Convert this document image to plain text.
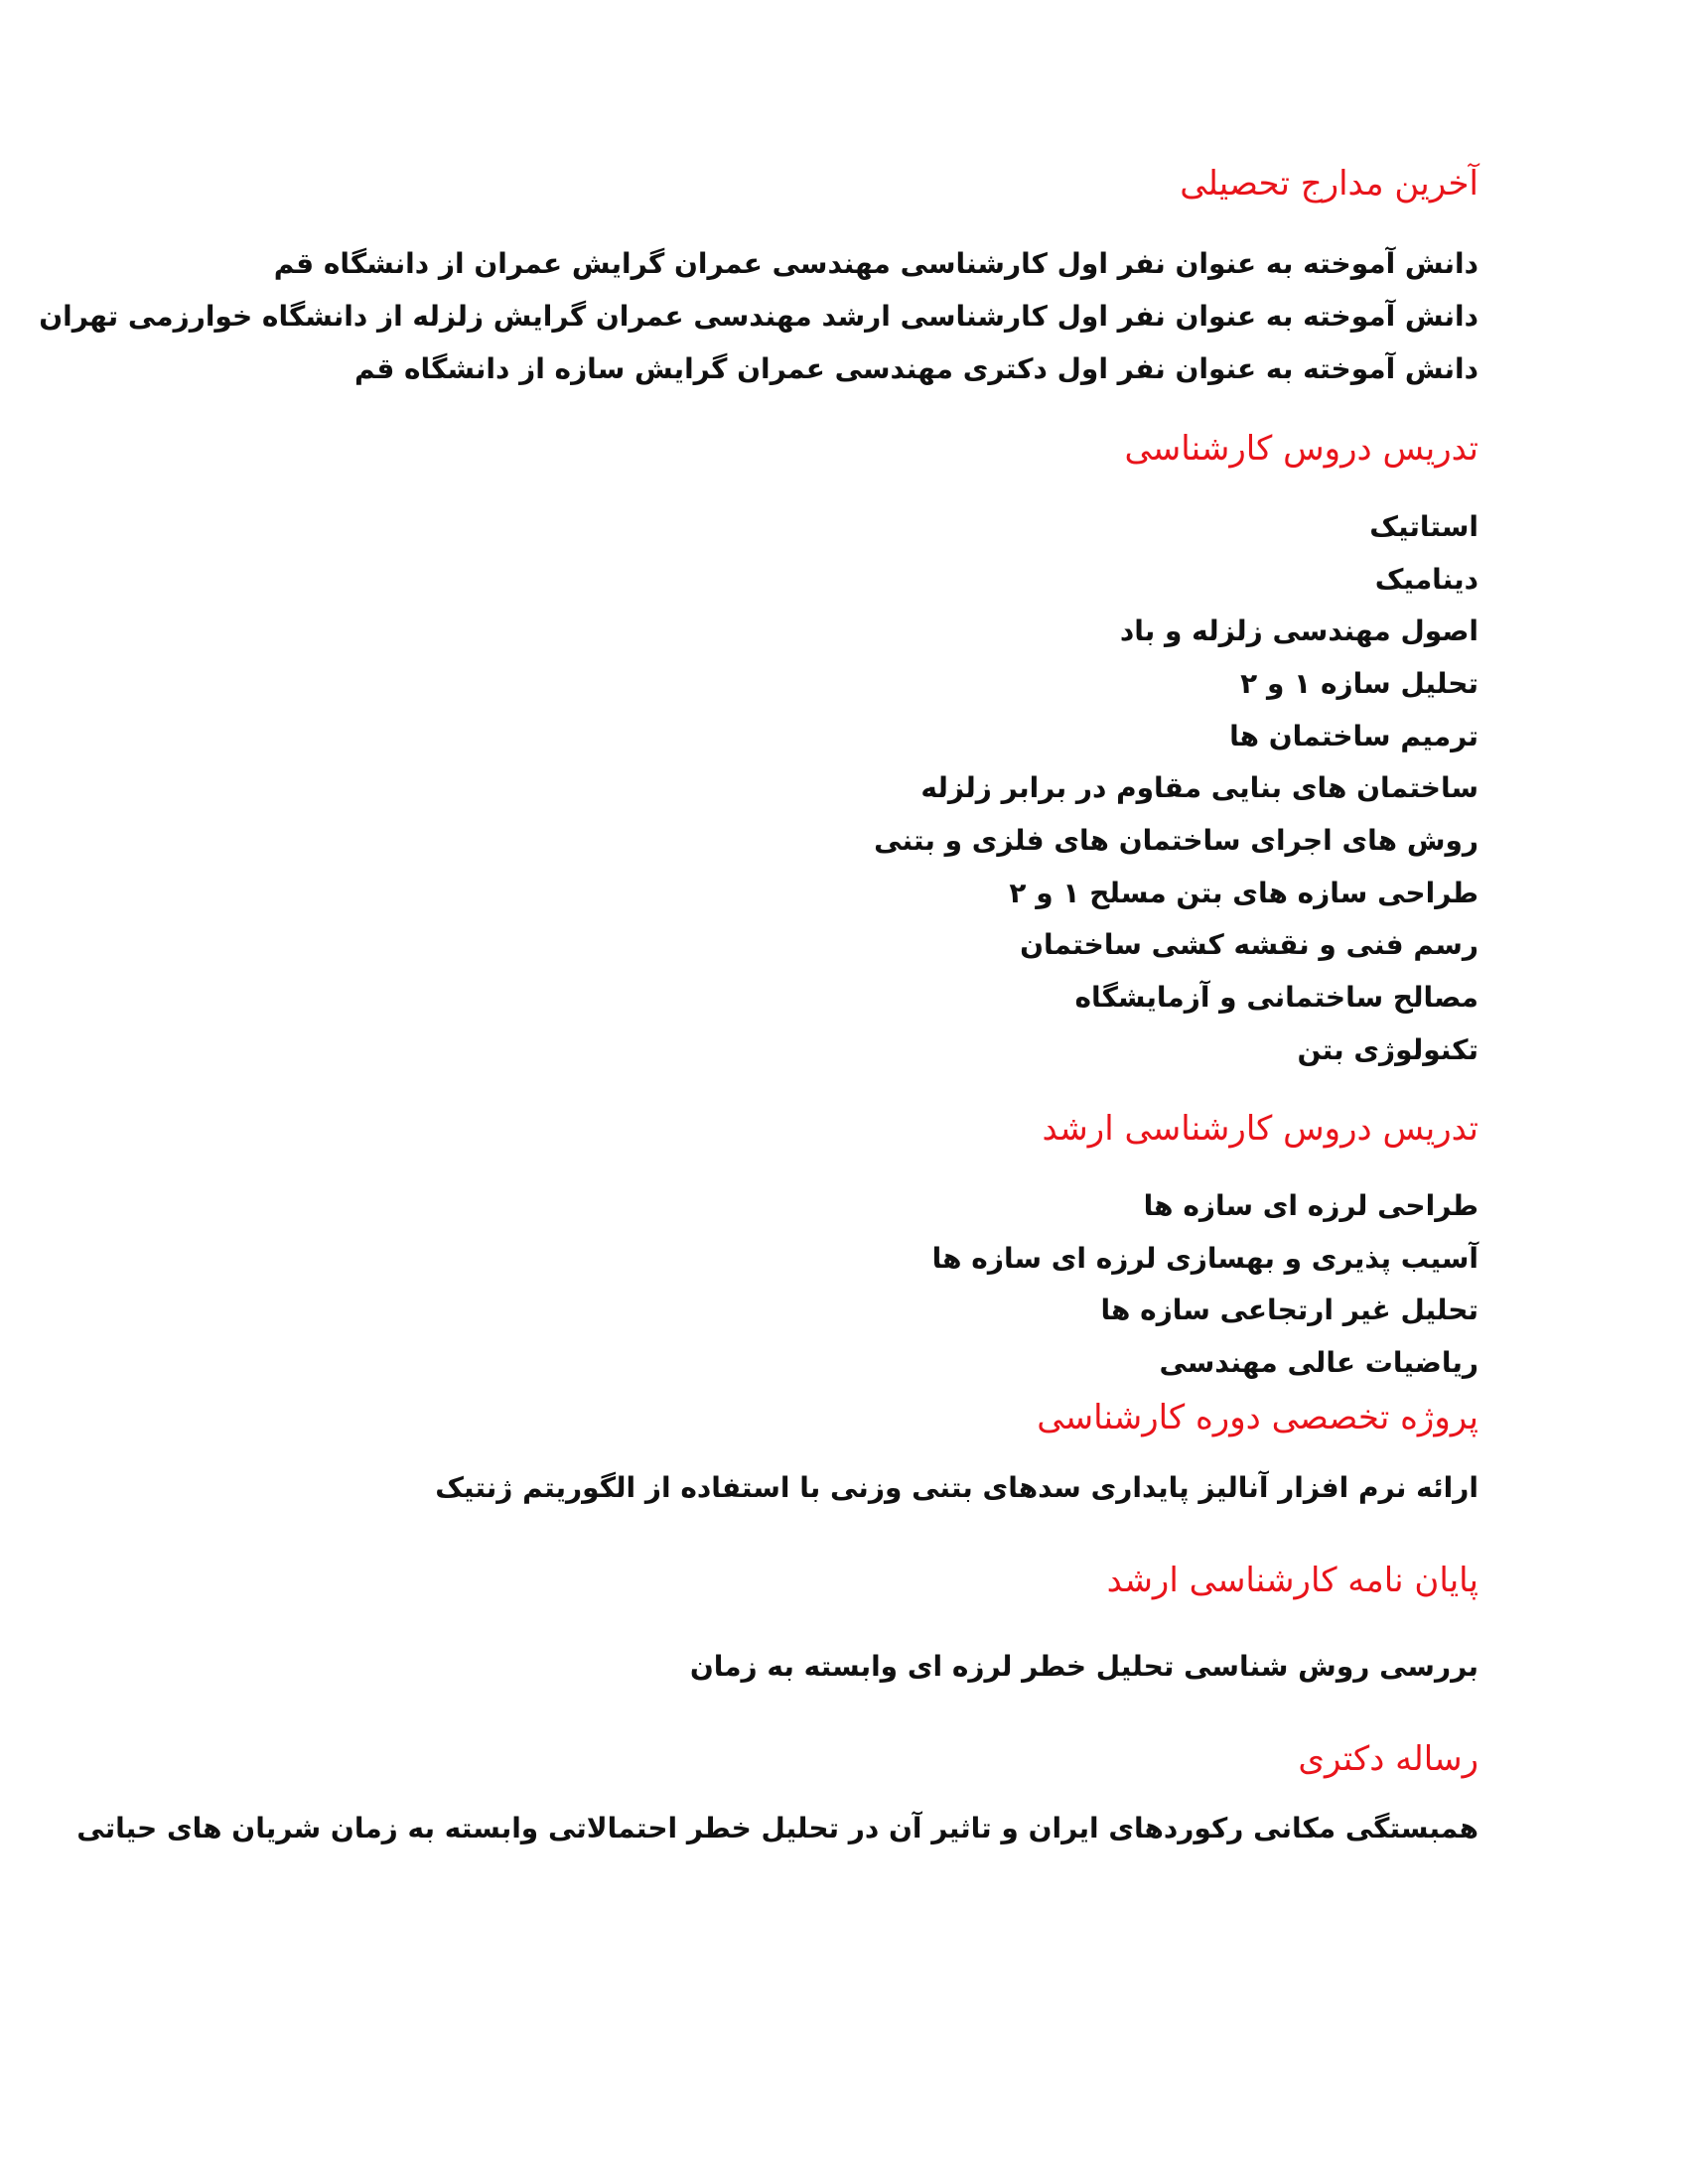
آخرین مدارج تحصیلی
دانش آموخته به عنوان نفر اول کارشناسی مهندسی عمران گرایش عمران از دانشگاه قم
دانش آموخته به عنوان نفر اول کارشناسی ارشد مهندسی عمران گرایش زلزله از دانشگاه خوارزمی تهران
دانش آموخته به عنوان نفر اول دکتری مهندسی عمران گرایش سازه از دانشگاه قم
تدریس دروس کارشناسی
استاتیک
دینامیک
اصول مهندسی زلزله و باد
تحلیل سازه ۱ و ۲
ترمیم ساختمان ها
ساختمان های بنایی مقاوم در برابر زلزله
روش های اجرای ساختمان های فلزی و بتنی
طراحی سازه های بتن مسلح ۱ و ۲
رسم فنی و نقشه کشی ساختمان
مصالح ساختمانی و آزمایشگاه
تکنولوژی بتن
تدریس دروس کارشناسی ارشد
طراحی لرزه ای سازه ها
آسیب پذیری و بهسازی لرزه ای سازه ها
تحلیل غیر ارتجاعی سازه ها
ریاضیات عالی مهندسی
پروژه تخصصی دوره کارشناسی
ارائه نرم افزار آنالیز پایداری سدهای بتنی وزنی با استفاده از الگوریتم ژنتیک
پایان نامه کارشناسی ارشد
بررسی روش شناسی تحلیل خطر لرزه ای وابسته به زمان
رساله دکتری
همبستگی مکانی رکوردهای ایران و تاثیر آن در تحلیل خطر احتمالاتی وابسته به زمان شریان های حیاتی
